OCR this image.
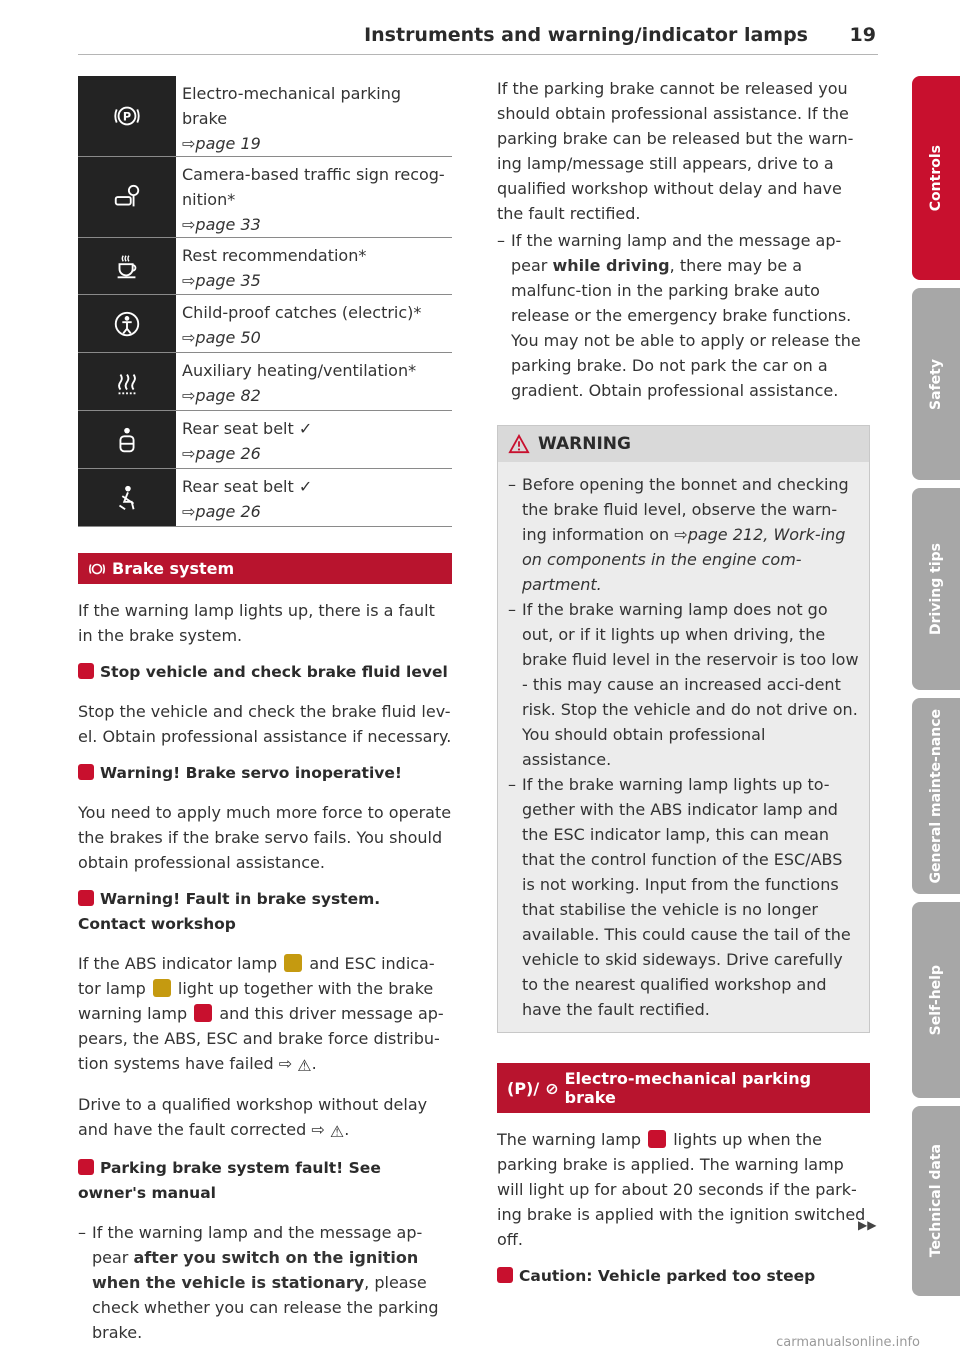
Instruments and warning/indicator lamps 19
P
Electro-mechanical parking
brake
⇨page 19
Camera-based traffic sign recog-
nition*
⇨page 33
Rest recommendation*
⇨page 35
Child-proof catches (electric)*
⇨page 50
Auxiliary heating/ventilation*
⇨page 82
Rear seat belt ✓
⇨page 26
Rear seat belt ✓
⇨page 26
Brake system

If the warning lamp lights up, there is a fault in the brake system.

Stop vehicle and check brake fluid level

Stop the vehicle and check the brake fluid lev-el. Obtain professional assistance if necessary.

Warning! Brake servo inoperative!

You need to apply much more force to operate the brakes if the brake servo fails. You should obtain professional assistance.

Warning! Fault in brake system. Contact workshop

If the ABS indicator lamp and ESC indica-tor lamp light up together with the brake warning lamp and this driver message ap-pears, the ABS, ESC and brake force distribu-tion systems have failed ⇨ ⚠.

Drive to a qualified workshop without delay and have the fault corrected ⇨ ⚠.

Parking brake system fault! See owner's manual
– If the warning lamp and the message ap-pear after you switch on the ignition when the vehicle is stationary, please check whether you can release the parking brake.

If the parking brake cannot be released you should obtain professional assistance. If the parking brake can be released but the warn-ing lamp/message still appears, drive to a qualified workshop without delay and have the fault rectified.

– If the warning lamp and the message ap-pear while driving, there may be a malfunc-tion in the parking brake auto release or the emergency brake functions. You may not be able to apply or release the parking brake. Do not park the car on a gradient. Obtain professional assistance.
WARNING
– Before opening the bonnet and checking the brake fluid level, observe the warn-ing information on ⇨page 212, Work-ing on components in the engine com-partment.
– If the brake warning lamp does not go out, or if it lights up when driving, the brake fluid level in the reservoir is too low - this may cause an increased acci-dent risk. Stop the vehicle and do not drive on. You should obtain professional assistance.
– If the brake warning lamp lights up to-gether with the ABS indicator lamp and the ESC indicator lamp, this can mean that the control function of the ESC/ABS is not working. Input from the functions that stabilise the vehicle is no longer available. This could cause the tail of the vehicle to skid sideways. Drive carefully to the nearest qualified workshop and have the fault rectified.
(P)/ ⊘ Electro-mechanical parking brake

The warning lamp lights up when the parking brake is applied. The warning lamp will light up for about 20 seconds if the park-ing brake is applied with the ignition switched off.

Caution: Vehicle parked too steep
▶▶
Controls
Safety
Driving tips
General mainte-nance
Self-help
Technical data
carmanualsonline.info
